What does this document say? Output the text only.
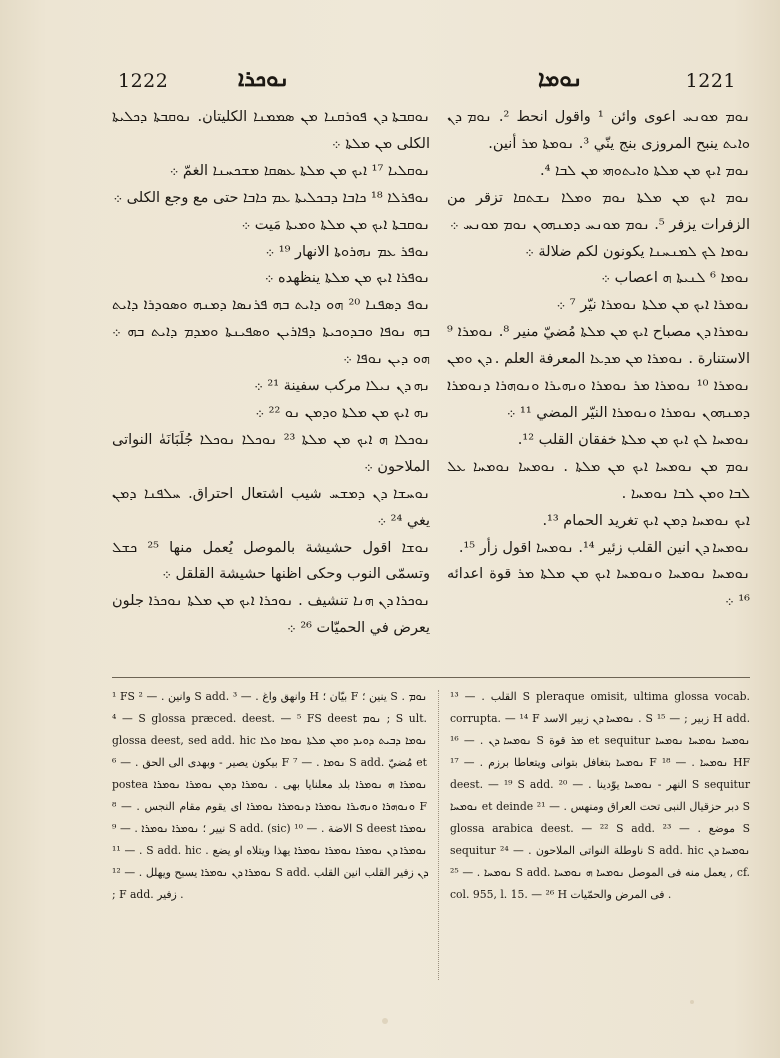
1222	ܢܘܟܪܐ	ܢܘܡܐ	1221

ܢܘܩܒܬܐ ܕܢ ܦܘܪܩܢܐ ܡܢ ܣܡܡܢܐ الكليتان. ܢܘܩܒܬܐ ܕܟܠܝܬܐ الكلى ܡܢ ܡܠܬܐ ܀

ܢܘܩܠܝܐ ¹⁷ ܐܝܟ ܡܢ ܡܠܬܐ ܥܣܩܐ ܡܫܟܚܢܐ الغمّ ܀

ܢܘܦܪܠܐ ¹⁸ ܟܐܒܐ ܕܒܟܠܝܬܐ ܥܡ ܟܐܒܐ حتى مع وجع الكلى ܀

ܢܘܩܒܬܐ ܐܝܟ ܡܢ ܡܠܬܐ ܘܡܝܬܐ مَيت ܀

ܢܘܦܪ ܥܡ ܢܗܪܘܬܐ الانهار ¹⁹ ܀

ܢܘܦܪܐ ܐܝܟ ܡܢ ܡܠܬܐ ينظهده ܀

ܢܘܦ ܕܣܦܢܐ ²⁰ ܗܘ ܕܐܝܬ ܒܗ ܦܪܢܣܐ ܕܡܢܗ ܘܣܘܕܪܐ ܕܐܝܬ ܒܗ ܢܘܦܐ ܘܒܕܘܟܝܬܐ ܕܦܐܪܝܢ ܘܣܦܝܢܬܐ ܘܡܕܡ ܕܐܝܬ ܒܗ ܀ ܗܘ ܕܝܢ ܢܘܦܐ ܀

ܢܗ ܕܢ ܢܝܠܐ مركب سفينة ²¹ ܀

ܢܗ ܐܝܟ ܡܢ ܡܠܬܐ ܘܕܡܢ ܢܘ ²² ܀

ܢܘܟܠܐ ܗ ܐܝܟ ܡܢ ܡܠܬܐ ²³ ܢܘܟܠܐ ܢܘܟܠܐ جُلَبَانَهٰ النواتى الملاحون ܀

ܢܘܚܫܐ ܕܢ ܕܡܫܚ شيب اشتعال احتراق. ܚܠܦܢܐ ܕܡܢ يغي ²⁴ ܀

ܢܘܫܐ اقول حشيشة بالموصل يُعمل منها ²⁵ ܟܫܠ وتسمّى النوب وحكى اظنها حشيشة القلقل ܀

ܢܘܟܪܐ ܕܢ ܗܢܐ تنشيف . ܢܘܟܪܐ ܐܝܟ ܡܢ ܡܠܬܐ ܢܘܟܪܐ جلون يعرض في الحميّات ²⁶ ܀

ܢܘܡ ܡܘܢܚ اعوى وائن ¹ واقول انحط ². ܢܘܡ ܕܢ ܘܐܝܬ ينبح المروزى بنج ينّي ³. ܢܘܡܬܐ ܡܪ أنين.

ܢܘܡ ܐܝܟ ܡܢ ܡܠܬܐ ܘܐܝܬܘܗܝ ܡܢ ܠܒܐ ⁴.

ܢܘܡ ܐܝܟ ܡܢ ܡܠܬܐ ܢܘܡ ܘܡܠܐ ܢܫܬܩܐ تزقر من الزفرات يزفر ⁵. ܢܘܡ ܡܘܢܚ ܕܡܢܗܘܢ ܢܘܡ ܡܘܢܚ ܀

ܢܘܡܐ ܠܟ ܠܡܢܚܢܐ يكونون لكم ضلالة ܀

ܢܘܡܐ ⁶ ܠܢܝܬܐ ܗ اعصاب ܀

ܢܘܡܪܐ ܐܝܟ ܡܢ ܡܠܬܐ ܢܘܡܪܐ نيّر ⁷ ܀

ܢܘܡܪܐ ܕܢ مصباح ܐܝܟ ܡܢ ܡܠܬܐ مُضيّ منير ⁸. ܢܘܡܪܐ ⁹ الاستنارة . ܢܘܡܪܐ ܡܢ ܡܕܥܐ المعرفة العلم . ܕܢ ܘܡܢ ܢܘܡܪܐ ¹⁰ ܢܘܡܪܐ ܡܪ ܢܘܡܪܐ ܘܢܗܝܪܐ ܘܢܘܗܪܐ ܕܢܘܡܪܐ ܕܡܢܗܘܢ ܢܘܡܪܐ ܘܢܘܡܪܐ النيّر المضي ¹¹ ܀

ܢܘܡܚܐ ܠܟ ܐܝܟ ܡܢ ܡܠܬܐ خفقان القلب ¹².

ܢܘܡ ܡܢ ܢܘܡܚܐ ܐܝܟ ܡܢ ܡܠܬܐ . ܢܘܡܚܐ ܢܘܡܚܐ ܥܠ ܠܒܐ ܘܡܢ ܠܒܐ ܢܘܡܚܐ .

ܐܝܟ ܢܘܡܚܐ ܕܡܢ ܐܝܟ تغريد الحمام ¹³.

ܢܘܡܚܐ ܕܢ انين القلب زئير ¹⁴. ܢܘܡܚܐ اقول زأر ¹⁵.

ܢܘܡܚܐ ܢܘܡܚܐ ܘܢܘܡܚܐ ܐܝܟ ܡܢ ܡܠܬܐ ܡܪ قوة اعدائه ¹⁶ ܀

¹ FS وانين . — ² S add. وانهق واغ . — ³ H بيّان ؛ F ينين ؛ S ܢܘܡ . — ⁴ S glossa præced. deest. — ⁵ FS deest ܢܘܡ ; S ult. glossa deest, sed add. hic ܢܘܡܐ ܕܒܝܬ ܕܘܝܕ ܘܡܢ ܡܠܬܐ ܢܘܡܐ ܘܠܐ بيكون يصير - وبهدى الى الحق . — ⁶ F ܢܘܡܐ . — ⁷ S add. مُضيّ et postea ܢܘܡܪܐ ܗ ܢܘܡܪܐ بلد معلنايا بهى . ܢܘܡܪܐ ܕܡܢ ܢܘܡܪܐ ܢܘܡܪܐ ܘܢܘܗܪܐ ܘܢܗܝܪܐ ܢܘܡܪܐ ܕܢܘܡܪܐ ܢܘܡܪܐ اى يقوم مقام النجس . — ⁸ F نيير ؛ ܢܘܡܪܐ ܢܘܡܪܐ . — ⁹ S add. (sic) الاضة . — ¹⁰ S deest ܢܘܡܪܐ . — ¹¹ S add. hic ܢܘܡܪܐ ܕܢ ܢܘܡܪܐ ܢܘܡܪܐ ܢܘܡܪܐ يهذا ويتلاه او يضع . ܢܘܡܪܐ ܕܢ ܢܘܡܪܐ يسبح ويهلل . — ¹² S add. ܕܢ زفير القلب انين القلب ; F add. زفير .

القلب . — ¹³ S pleraque omisit, ultima glossa vocab. corrupta. — ¹⁴ F ܢܘܡܚܐ ܕܢ زبير الاسد . S زبير ; — ¹⁵ H add. ܢܘܡܚܐ ܕܢ . — ¹⁶ S ܡܪ قوة et sequitur ܢܘܡܚܐ ܢܘܡܚܐ ܢܘܡܚܐ ܢܘܡܚܐ بتغافل بتوانى ويتعاطا برزم . — ¹⁷ F ܢܘܡܚܐ . — ¹⁸ HF deest. — ¹⁹ S add. النهر - ܢܘܡܚܐ يوّدينا . — ²⁰ S sequitur ܢܘܡܚܐ et deinde دبر حزقيال النبى تحت العراق ومنهس . — ²¹ S glossa arabica deest. — ²² S add. موضع . — ²³ S sequitur ناوطلة النواتى الملاحون . — ²⁴ S add. hic ܢܘܡܚܐ ܕܢ ܢܘܡܚܐ . — ²⁵ S add. يعمل منه فى الموصل ܢܘܡܚܐ ܗ ܢܘܡܚܐ , cf. col. 955, l. 15. — ²⁶ H فى المرض والحمّيات .
